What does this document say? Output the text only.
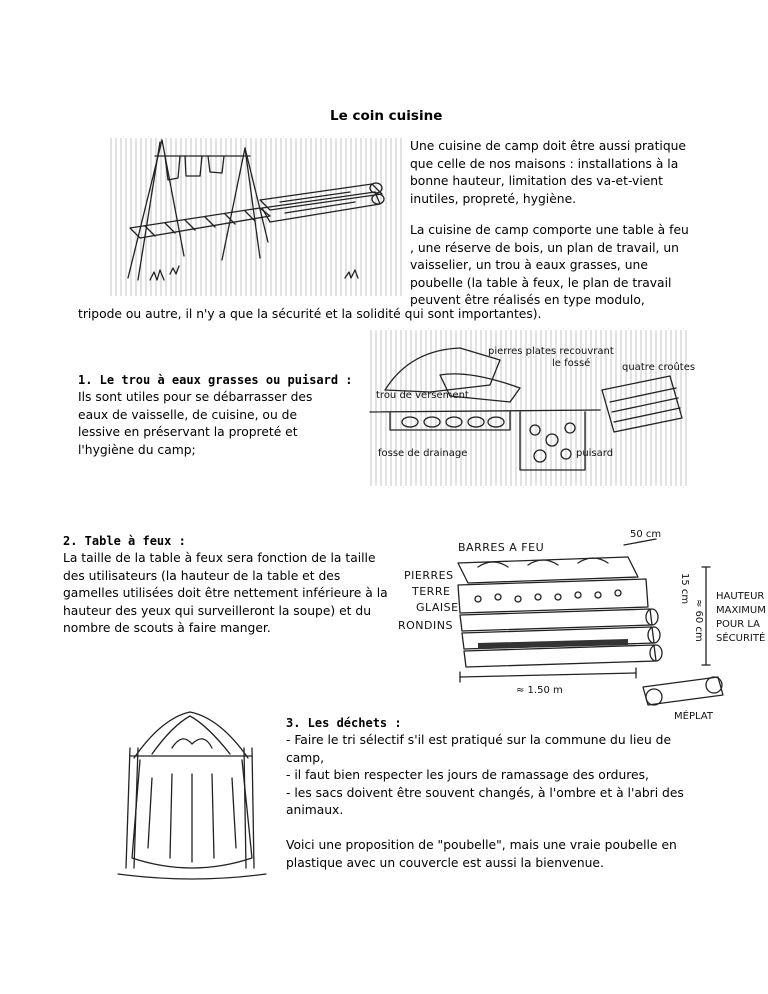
Le coin cuisine
Une cuisine de camp doit être aussi pratique que celle de nos maisons : installations à la bonne hauteur, limitation des va-et-vient inutiles, propreté, hygiène.
La cuisine de camp comporte une table à feu
, une réserve de bois, un plan de travail, un
vaisselier, un trou à eaux grasses, une
poubelle (la table à feux, le plan de travail
peuvent être réalisés en type modulo,
tripode ou autre, il n'y a que la sécurité et la solidité qui sont importantes).
1. Le trou à eaux grasses ou puisard :
Ils sont utiles pour se débarrasser des eaux de vaisselle, de cuisine, ou de lessive en préservant la propreté et l'hygiène du camp;
pierres plates recouvrant
le fossé	quatre croûtes
trou de versement
fosse de drainage	puisard
2. Table à feux :
La taille de la table à feux sera fonction de la taille des utilisateurs (la hauteur de la table et des gamelles utilisées doit être nettement inférieure à la hauteur des yeux qui surveilleront la soupe) et du nombre de scouts à faire manger.
BARRES A FEU
50 cm
PIERRES
TERRE
GLAISE
RONDINS
15 cm
≈ 60 cm
HAUTEUR
MAXIMUM
POUR LA
SÉCURITÉ
≈ 1.50 m
MÉPLAT
3. Les déchets :
- Faire le tri sélectif s'il est pratiqué sur la commune du lieu de camp,
- il faut bien respecter les jours de ramassage des ordures,
- les sacs doivent être souvent changés, à l'ombre et à l'abri des animaux.
Voici une proposition de "poubelle", mais une vraie poubelle en plastique avec un couvercle est aussi la bienvenue.
